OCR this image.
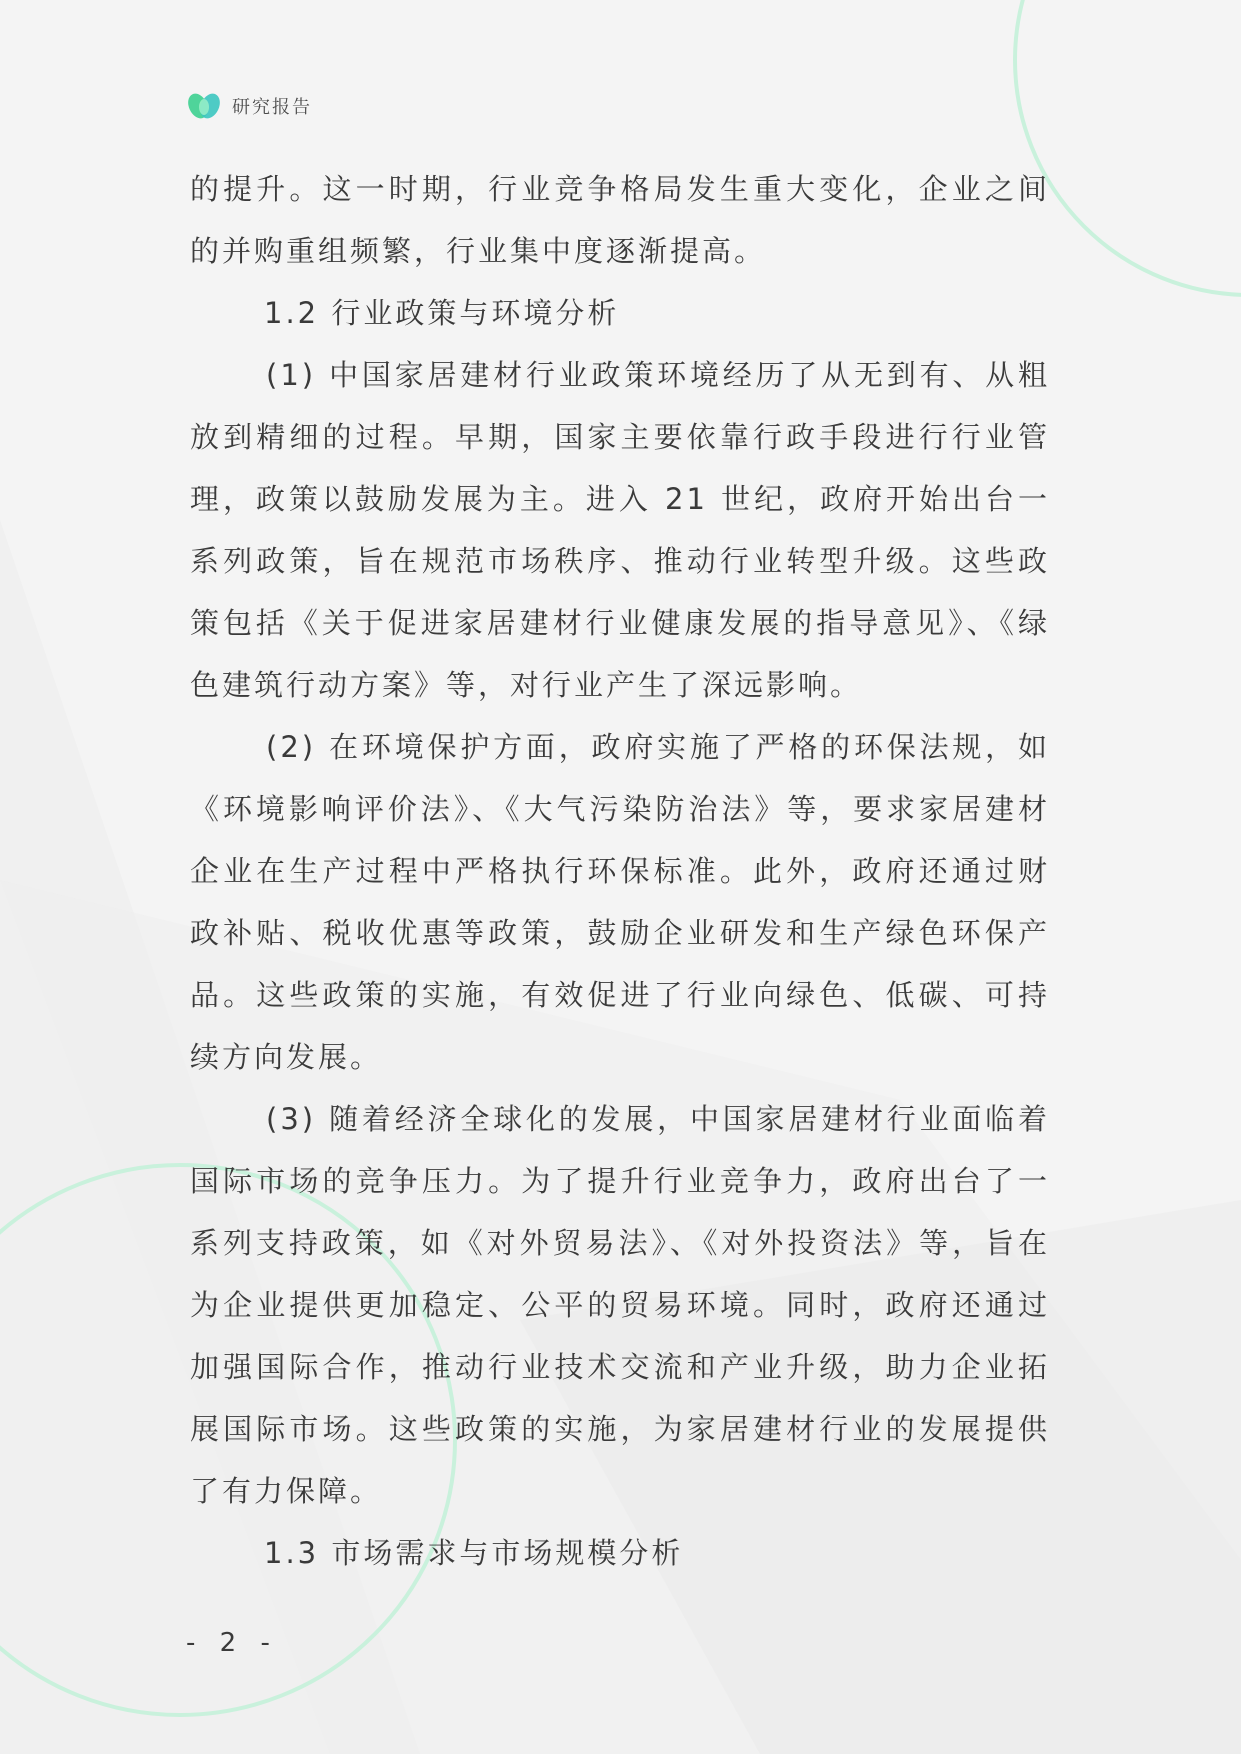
研究报告

的提升。这一时期，行业竞争格局发生重大变化，企业之间的并购重组频繁，行业集中度逐渐提高。

1.2 行业政策与环境分析

(1) 中国家居建材行业政策环境经历了从无到有、从粗放到精细的过程。早期，国家主要依靠行政手段进行行业管理，政策以鼓励发展为主。进入 21 世纪，政府开始出台一系列政策，旨在规范市场秩序、推动行业转型升级。这些政策包括《关于促进家居建材行业健康发展的指导意见》、《绿色建筑行动方案》等，对行业产生了深远影响。

(2) 在环境保护方面，政府实施了严格的环保法规，如《环境影响评价法》、《大气污染防治法》等，要求家居建材企业在生产过程中严格执行环保标准。此外，政府还通过财政补贴、税收优惠等政策，鼓励企业研发和生产绿色环保产品。这些政策的实施，有效促进了行业向绿色、低碳、可持续方向发展。

(3) 随着经济全球化的发展，中国家居建材行业面临着国际市场的竞争压力。为了提升行业竞争力，政府出台了一系列支持政策，如《对外贸易法》、《对外投资法》等，旨在为企业提供更加稳定、公平的贸易环境。同时，政府还通过加强国际合作，推动行业技术交流和产业升级，助力企业拓展国际市场。这些政策的实施，为家居建材行业的发展提供了有力保障。

1.3 市场需求与市场规模分析

- 2 -
